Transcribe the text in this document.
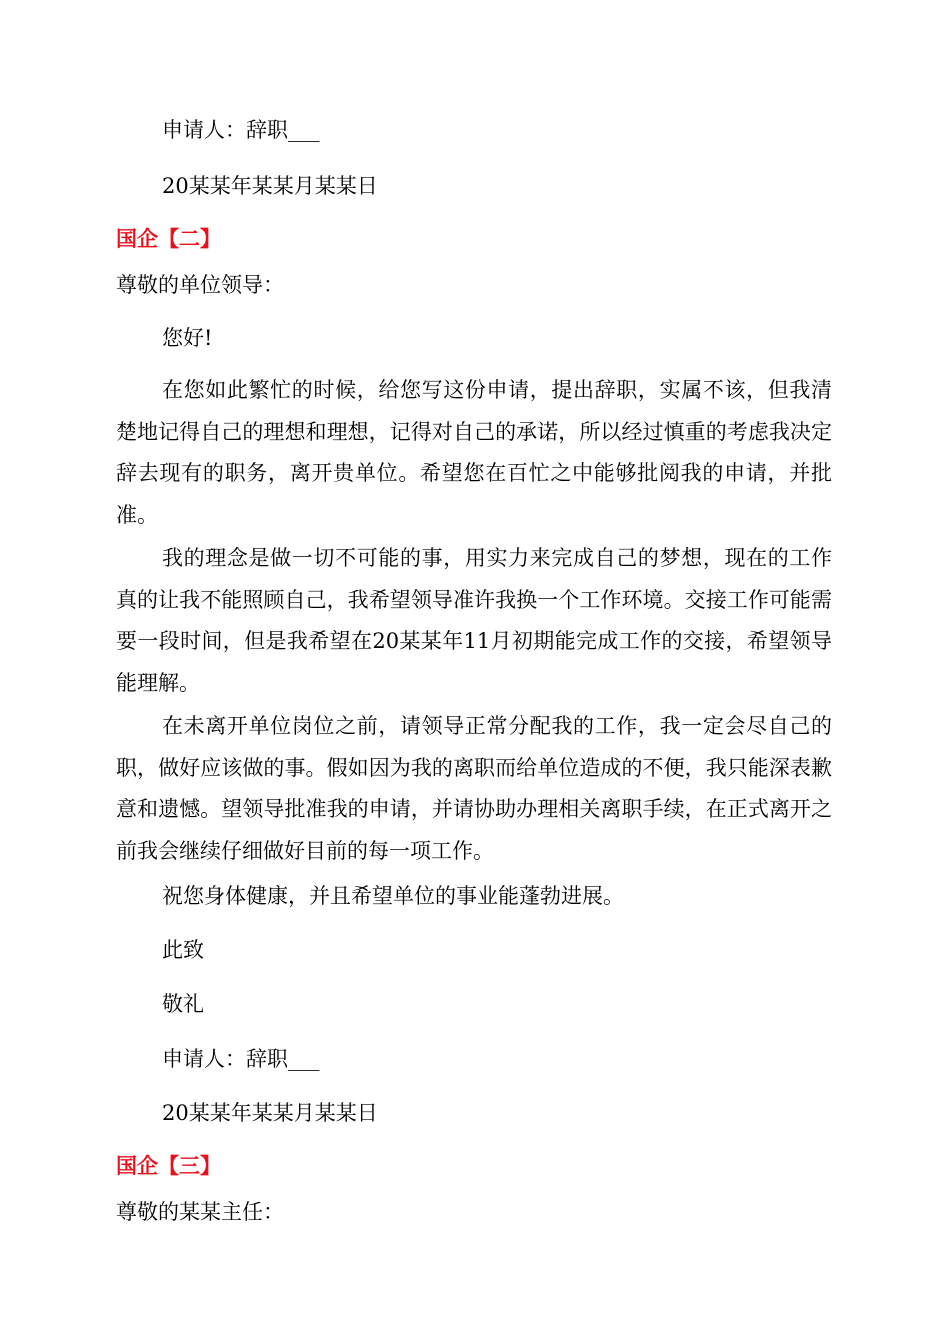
申请人：辞职___

20某某年某某月某某日

国企【二】

尊敬的单位领导：

您好!

在您如此繁忙的时候，给您写这份申请，提出辞职，实属不该，但我清楚地记得自己的理想和理想，记得对自己的承诺，所以经过慎重的考虑我决定辞去现有的职务，离开贵单位。希望您在百忙之中能够批阅我的申请，并批准。

我的理念是做一切不可能的事，用实力来完成自己的梦想，现在的工作真的让我不能照顾自己，我希望领导准许我换一个工作环境。交接工作可能需要一段时间，但是我希望在20某某年11月初期能完成工作的交接，希望领导能理解。

在未离开单位岗位之前，请领导正常分配我的工作，我一定会尽自己的职，做好应该做的事。假如因为我的离职而给单位造成的不便，我只能深表歉意和遗憾。望领导批准我的申请，并请协助办理相关离职手续，在正式离开之前我会继续仔细做好目前的每一项工作。

祝您身体健康，并且希望单位的事业能蓬勃进展。

此致

敬礼

申请人：辞职___

20某某年某某月某某日

国企【三】

尊敬的某某主任：
